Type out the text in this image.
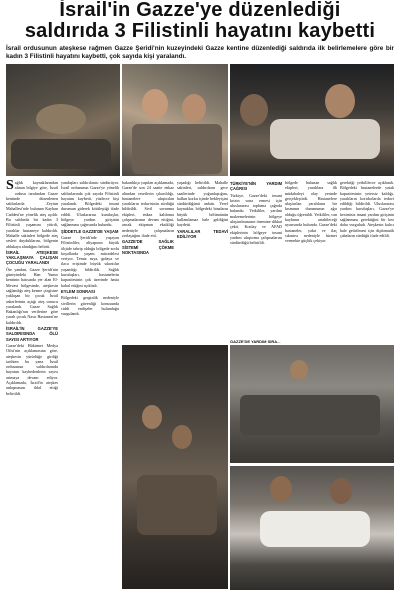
İsrail'in Gazze'ye düzenlediği
saldırıda 3 Filistinli hayatını kaybetti
İsrail ordusunun ateşkese rağmen Gazze Şeridi'nin kuzeyindeki Gazze kentine düzenlediği saldırıda ilk belirlemelere göre bir kadın 3 Filistinli hayatını kaybetti, çok sayıda kişi yaralandı.
S ağlık kaynaklarından alınan bilgiye göre, İsrail ordusu tarafından Gazze kentinde düzenlenen saldırılarda Zeytun Mahallesi'nde bulunan Kayhan Caddesi'ne yönelik ateş açıldı. Bu saldırıda bir kadın 3 Filistinli yaşamını yitirdi, yaralılar hastaneye kaldırıldı. Mahalle sakinleri bölgede ateş sesleri duyduklarını, bölgenin ablukaya alındığını belirtti.
İSRAİL ATEŞKESE YAKLAŞMAYA ÇALIŞAN ÇOCUĞU YARALANDI
Öte yandan, Gazze Şeridi'nin güneyindeki Han Yunus kentinin batısında yer alan El-Mevasi bölgesinde, ateşkesin sağlandığı ateş kesme çizgisine yaklaşan bir çocuk İsrail askerlerinin açtığı ateş sonucu yaralandı. Gazze Sağlık Bakanlığı'nın verilerine göre yaralı çocuk Nasır Hastanesi'ne kaldırıldı.
İSRAİL'İN GAZZE'YE SALDIRISINDA ÖLÜ SAYISI ARTIYOR
Gazze'deki Hükümet Medya Ofisi'nin açıklamasına göre, ateşkesin yürürlüğe girdiği tarihten bu yana İsrail ordusunun saldırılarında hayatını kaybedenlerin sayısı artmaya devam ediyor. Açıklamada, İsrail'in ateşkes anlaşmasını ihlal ettiği belirtildi.
yandaşları saldırılarını sürdürüyor. İsrail ordusunun Gazze'ye yönelik saldırılarında çok sayıda Filistinli hayatını kaybetti, yüzlerce kişi yaralandı. Bölgedeki insani durumun giderek kötüleştiği ifade edildi. Uluslararası kuruluşlar, bölgeye yardım girişinin sağlanması çağrısında bulundu.
ŞİDDETLE GAZZE'DE YAŞAM
Gazze Şeridi'nde yaşayan Filistinliler, altyapının büyük ölçüde tahrip olduğu bölgede zorlu koşullarda yaşam mücadelesi veriyor. Temiz suya, gıdaya ve ilaca erişimde büyük sıkıntılar yaşandığı bildirildi. Sağlık kuruluşları, hastanelerin kapasitesinin çok üzerinde hasta kabul ettiğini açıkladı.
EYLEM SONRASI
Bölgedeki gerginlik nedeniyle sivillerin güvenliği konusunda ciddi endişeler bulunduğu vurgulandı.
bakanlıkça yapılan açıklamada, Gazze'de son 24 saatte enkaz altından cesetlerin çıkarıldığı, hastanelere ulaştırılan yaralıların tedavisinin sürdüğü bildirildi. Sivil savunma ekipleri, enkaz kaldırma çalışmalarının devam ettiğini, ancak ekipman eksikliği nedeniyle çalışmaların zorlaştığını ifade etti.
GAZZE'DE SAĞLIK SİSTEMİ ÇÖKME NOKTASINDA
yaşadığı belirtildi. Mahalle sakinleri, saldırıların gece saatlerinde yoğunlaştığını, halkın korku içinde bekleyişini sürdürdüğünü anlattı. Yerel kaynaklar, bölgedeki binaların büyük bölümünün kullanılamaz hale geldiğini kaydetti.
YARALILAR TEDAVİ EDİLİYOR
TÜRKİYE'NİN YARDIM ÇAĞRISI
Türkiye, Gazze'deki insani krizin sona ermesi için uluslararası topluma çağrıda bulundu. Yetkililer, yardım malzemelerinin bölgeye ulaştırılmasının önemine dikkat çekti. Kızılay ve AFAD ekiplerinin bölgeye insani yardım ulaştırma çalışmalarını sürdürdüğü belirtildi.
bölgede bulunan sağlık ekipleri, yaralılara ilk müdahaleyi olay yerinde gerçekleştirdi. Hastanelere ulaştırılan yaralıların bir kısmının durumunun ağır olduğu öğrenildi. Yetkililer, can kaybının artabileceği uyarısında bulundu. Gazze'deki hastaneler, yakıt ve ilaç sıkıntısı nedeniyle hizmet vermekte güçlük çekiyor.
gerektiği yetkililerce açıklandı. Bölgedeki hastanelerde yatak kapasitesinin yetersiz kaldığı, yaralıların koridorlarda tedavi edildiği bildirildi. Uluslararası yardım kuruluşları, Gazze'ye kesintisiz insani yardım girişinin sağlanması gerektiğini bir kez daha vurguladı. Ateşkesin kalıcı hale getirilmesi için diplomatik çabaların sürdüğü ifade edildi.
GAZZE'DE YARDIM SIRA...
